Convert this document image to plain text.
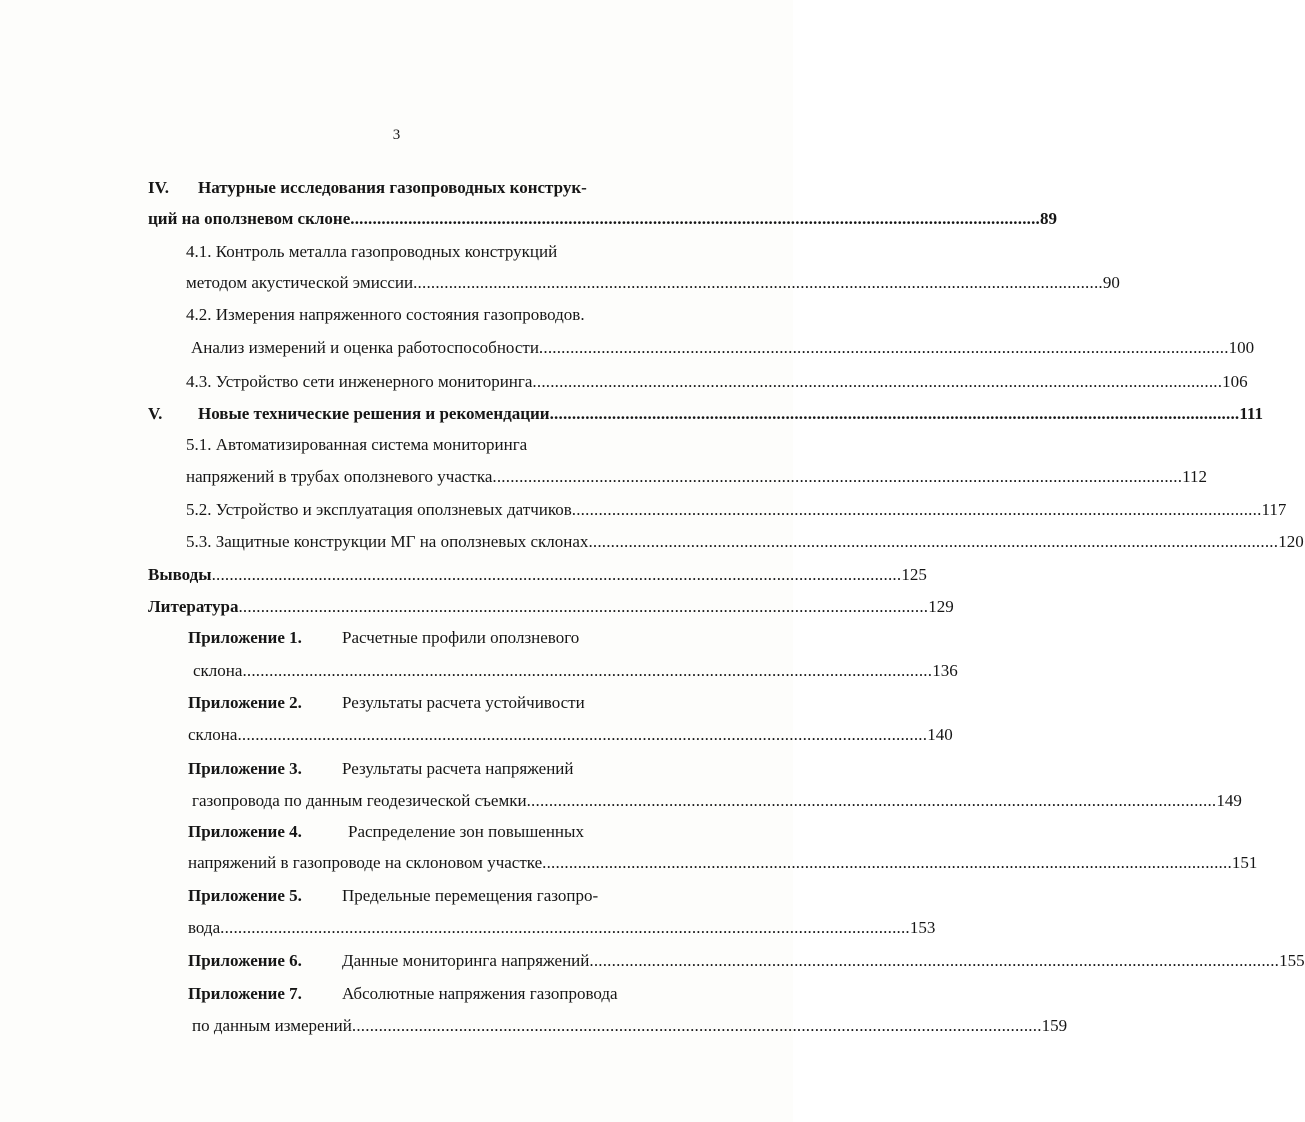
3
IV. Натурные исследования газопроводных конструк-
ций на оползневом склоне ........................................................................................................................................................... 89
4.1. Контроль металла газопроводных конструкций
методом акустической эмиссии ........................................................................................................................................................... 90
4.2. Измерения напряженного состояния газопроводов.
Анализ измерений и оценка работоспособности ........................................................................................................................................................... 100
4.3. Устройство сети инженерного мониторинга ........................................................................................................................................................... 106
V. Новые технические решения и рекомендации ........................................................................................................................................................... 111
5.1. Автоматизированная система мониторинга
напряжений в трубах оползневого участка ........................................................................................................................................................... 112
5.2. Устройство и эксплуатация оползневых датчиков ........................................................................................................................................................... 117
5.3. Защитные конструкции МГ на оползневых склонах ........................................................................................................................................................... 120
Выводы ........................................................................................................................................................... 125
Литература ........................................................................................................................................................... 129
Приложение 1. Расчетные профили оползневого
склона ........................................................................................................................................................... 136
Приложение 2. Результаты расчета устойчивости
склона ........................................................................................................................................................... 140
Приложение 3. Результаты расчета напряжений
газопровода по данным геодезической съемки ........................................................................................................................................................... 149
Приложение 4.	Распределение зон повышенных
напряжений в газопроводе на склоновом участке ........................................................................................................................................................... 151
Приложение 5. Предельные перемещения газопро-
вода ........................................................................................................................................................... 153
Приложение 6. Данные мониторинга напряжений ........................................................................................................................................................... 155
Приложение 7. Абсолютные напряжения газопровода
по данным измерений ........................................................................................................................................................... 159
